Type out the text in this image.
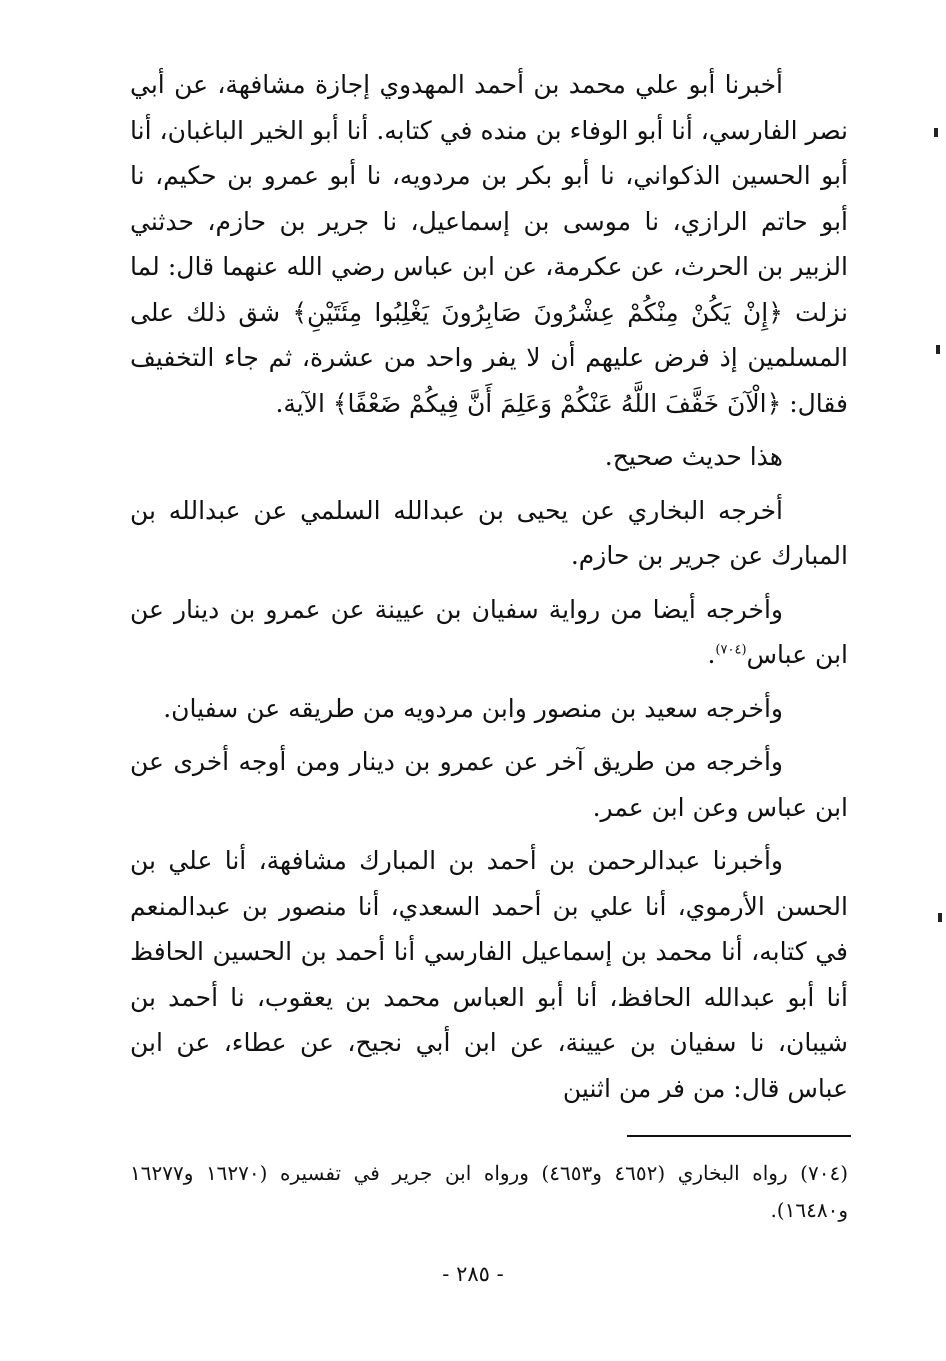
أخبرنا أبو علي محمد بن أحمد المهدوي إجازة مشافهة، عن أبي نصر الفارسي، أنا أبو الوفاء بن منده في كتابه. أنا أبو الخير الباغبان، أنا أبو الحسين الذكواني، نا أبو بكر بن مردويه، نا أبو عمرو بن حكيم، نا أبو حاتم الرازي، نا موسى بن إسماعيل، نا جرير بن حازم، حدثني الزبير بن الحرث، عن عكرمة، عن ابن عباس رضي الله عنهما قال: لما نزلت ﴿إِنْ يَكُنْ مِنْكُمْ عِشْرُونَ صَابِرُونَ يَغْلِبُوا مِئَتَيْنِ﴾ شق ذلك على المسلمين إذ فرض عليهم أن لا يفر واحد من عشرة، ثم جاء التخفيف فقال: ﴿الْآنَ خَفَّفَ اللَّهُ عَنْكُمْ وَعَلِمَ أَنَّ فِيكُمْ ضَعْفًا﴾ الآية.

هذا حديث صحيح.

أخرجه البخاري عن يحيى بن عبدالله السلمي عن عبدالله بن المبارك عن جرير بن حازم.

وأخرجه أيضا من رواية سفيان بن عيينة عن عمرو بن دينار عن ابن عباس$^{(٧٠٤)}$.

وأخرجه سعيد بن منصور وابن مردويه من طريقه عن سفيان.

وأخرجه من طريق آخر عن عمرو بن دينار ومن أوجه أخرى عن ابن عباس وعن ابن عمر.

وأخبرنا عبدالرحمن بن أحمد بن المبارك مشافهة، أنا علي بن الحسن الأرموي، أنا علي بن أحمد السعدي، أنا منصور بن عبدالمنعم في كتابه، أنا محمد بن إسماعيل الفارسي أنا أحمد بن الحسين الحافظ أنا أبو عبدالله الحافظ، أنا أبو العباس محمد بن يعقوب، نا أحمد بن شيبان، نا سفيان بن عيينة، عن ابن أبي نجيح، عن عطاء، عن ابن عباس قال: من فر من اثنين

(٧٠٤) رواه البخاري (٤٦٥٢ و٤٦٥٣) ورواه ابن جرير في تفسيره (١٦٢٧٠ و١٦٢٧٧ و١٦٤٨٠).
- ٢٨٥ -
